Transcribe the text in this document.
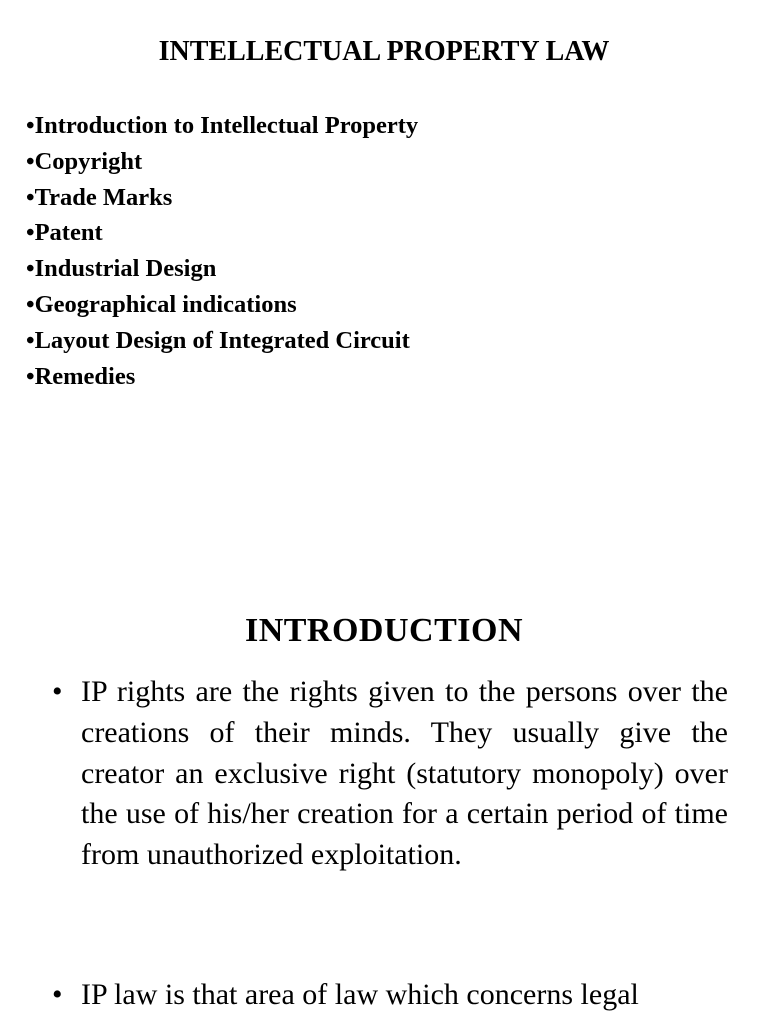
INTELLECTUAL PROPERTY LAW
•Introduction to Intellectual Property
•Copyright
•Trade Marks
•Patent
•Industrial Design
•Geographical indications
•Layout Design of Integrated Circuit
•Remedies
INTRODUCTION

• IP rights are the rights given to the persons over the creations of their minds. They usually give the creator an exclusive right (statutory monopoly) over the use of his/her creation for a certain period of time from unauthorized exploitation.

• IP law is that area of law which concerns legal
